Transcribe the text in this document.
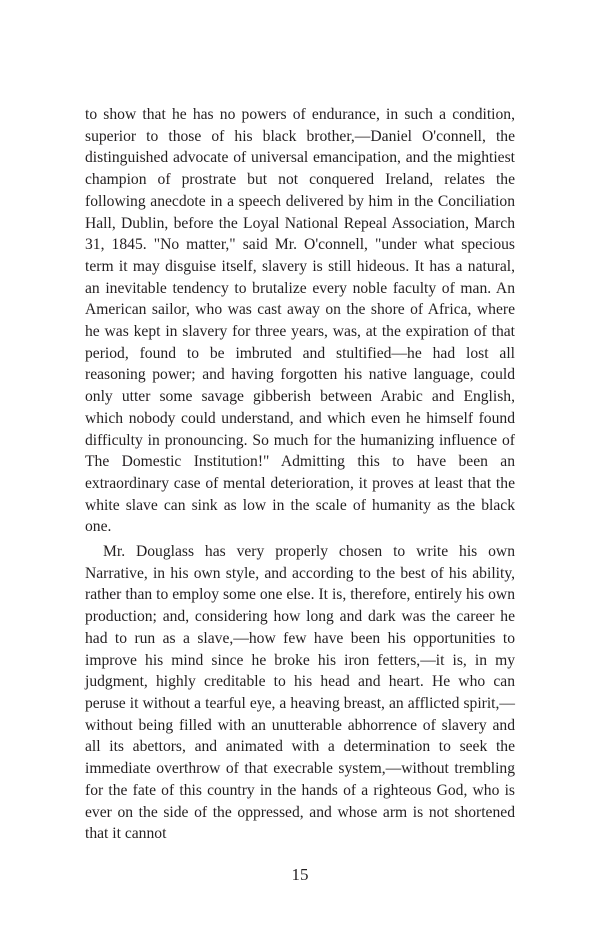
to show that he has no powers of endurance, in such a condition, superior to those of his black brother,—Daniel O'connell, the distinguished advocate of universal emancipation, and the mightiest champion of prostrate but not conquered Ireland, relates the following anecdote in a speech delivered by him in the Conciliation Hall, Dublin, before the Loyal National Repeal Association, March 31, 1845. "No matter," said Mr. O'connell, "under what specious term it may disguise itself, slavery is still hideous. It has a natural, an inevitable tendency to brutalize every noble faculty of man. An American sailor, who was cast away on the shore of Africa, where he was kept in slavery for three years, was, at the expiration of that period, found to be imbruted and stultified—he had lost all reasoning power; and having forgotten his native language, could only utter some savage gibberish between Arabic and English, which nobody could understand, and which even he himself found difficulty in pronouncing. So much for the humanizing influence of The Domestic Institution!" Admitting this to have been an extraordinary case of mental deterioration, it proves at least that the white slave can sink as low in the scale of humanity as the black one.

Mr. Douglass has very properly chosen to write his own Narrative, in his own style, and according to the best of his ability, rather than to employ some one else. It is, therefore, entirely his own production; and, considering how long and dark was the career he had to run as a slave,—how few have been his opportunities to improve his mind since he broke his iron fetters,—it is, in my judgment, highly creditable to his head and heart. He who can peruse it without a tearful eye, a heaving breast, an afflicted spirit,—without being filled with an unutterable abhorrence of slavery and all its abettors, and animated with a determination to seek the immediate overthrow of that execrable system,—without trembling for the fate of this country in the hands of a righteous God, who is ever on the side of the oppressed, and whose arm is not shortened that it cannot

15
